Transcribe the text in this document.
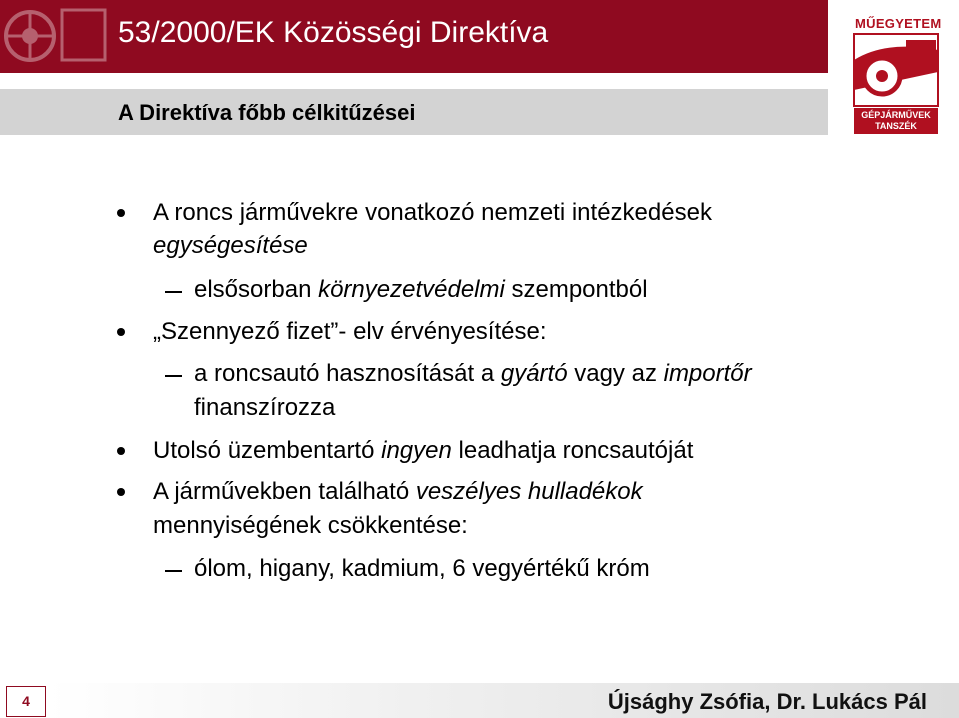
53/2000/EK Közösségi Direktíva
A Direktíva főbb célkitűzései
MŰEGYETEM
GÉPJÁRMŰVEK
TANSZÉK
A roncs járművekre vonatkozó nemzeti intézkedések
egységesítése
elsősorban környezetvédelmi szempontból
„Szennyező fizet”- elv érvényesítése:
a roncsautó hasznosítását a gyártó vagy az importőr
finanszírozza
Utolsó üzembentartó ingyen leadhatja roncsautóját
A járművekben található veszélyes hulladékok
mennyiségének csökkentése:
ólom, higany, kadmium, 6 vegyértékű króm
4	Újsághy Zsófia, Dr. Lukács Pál
